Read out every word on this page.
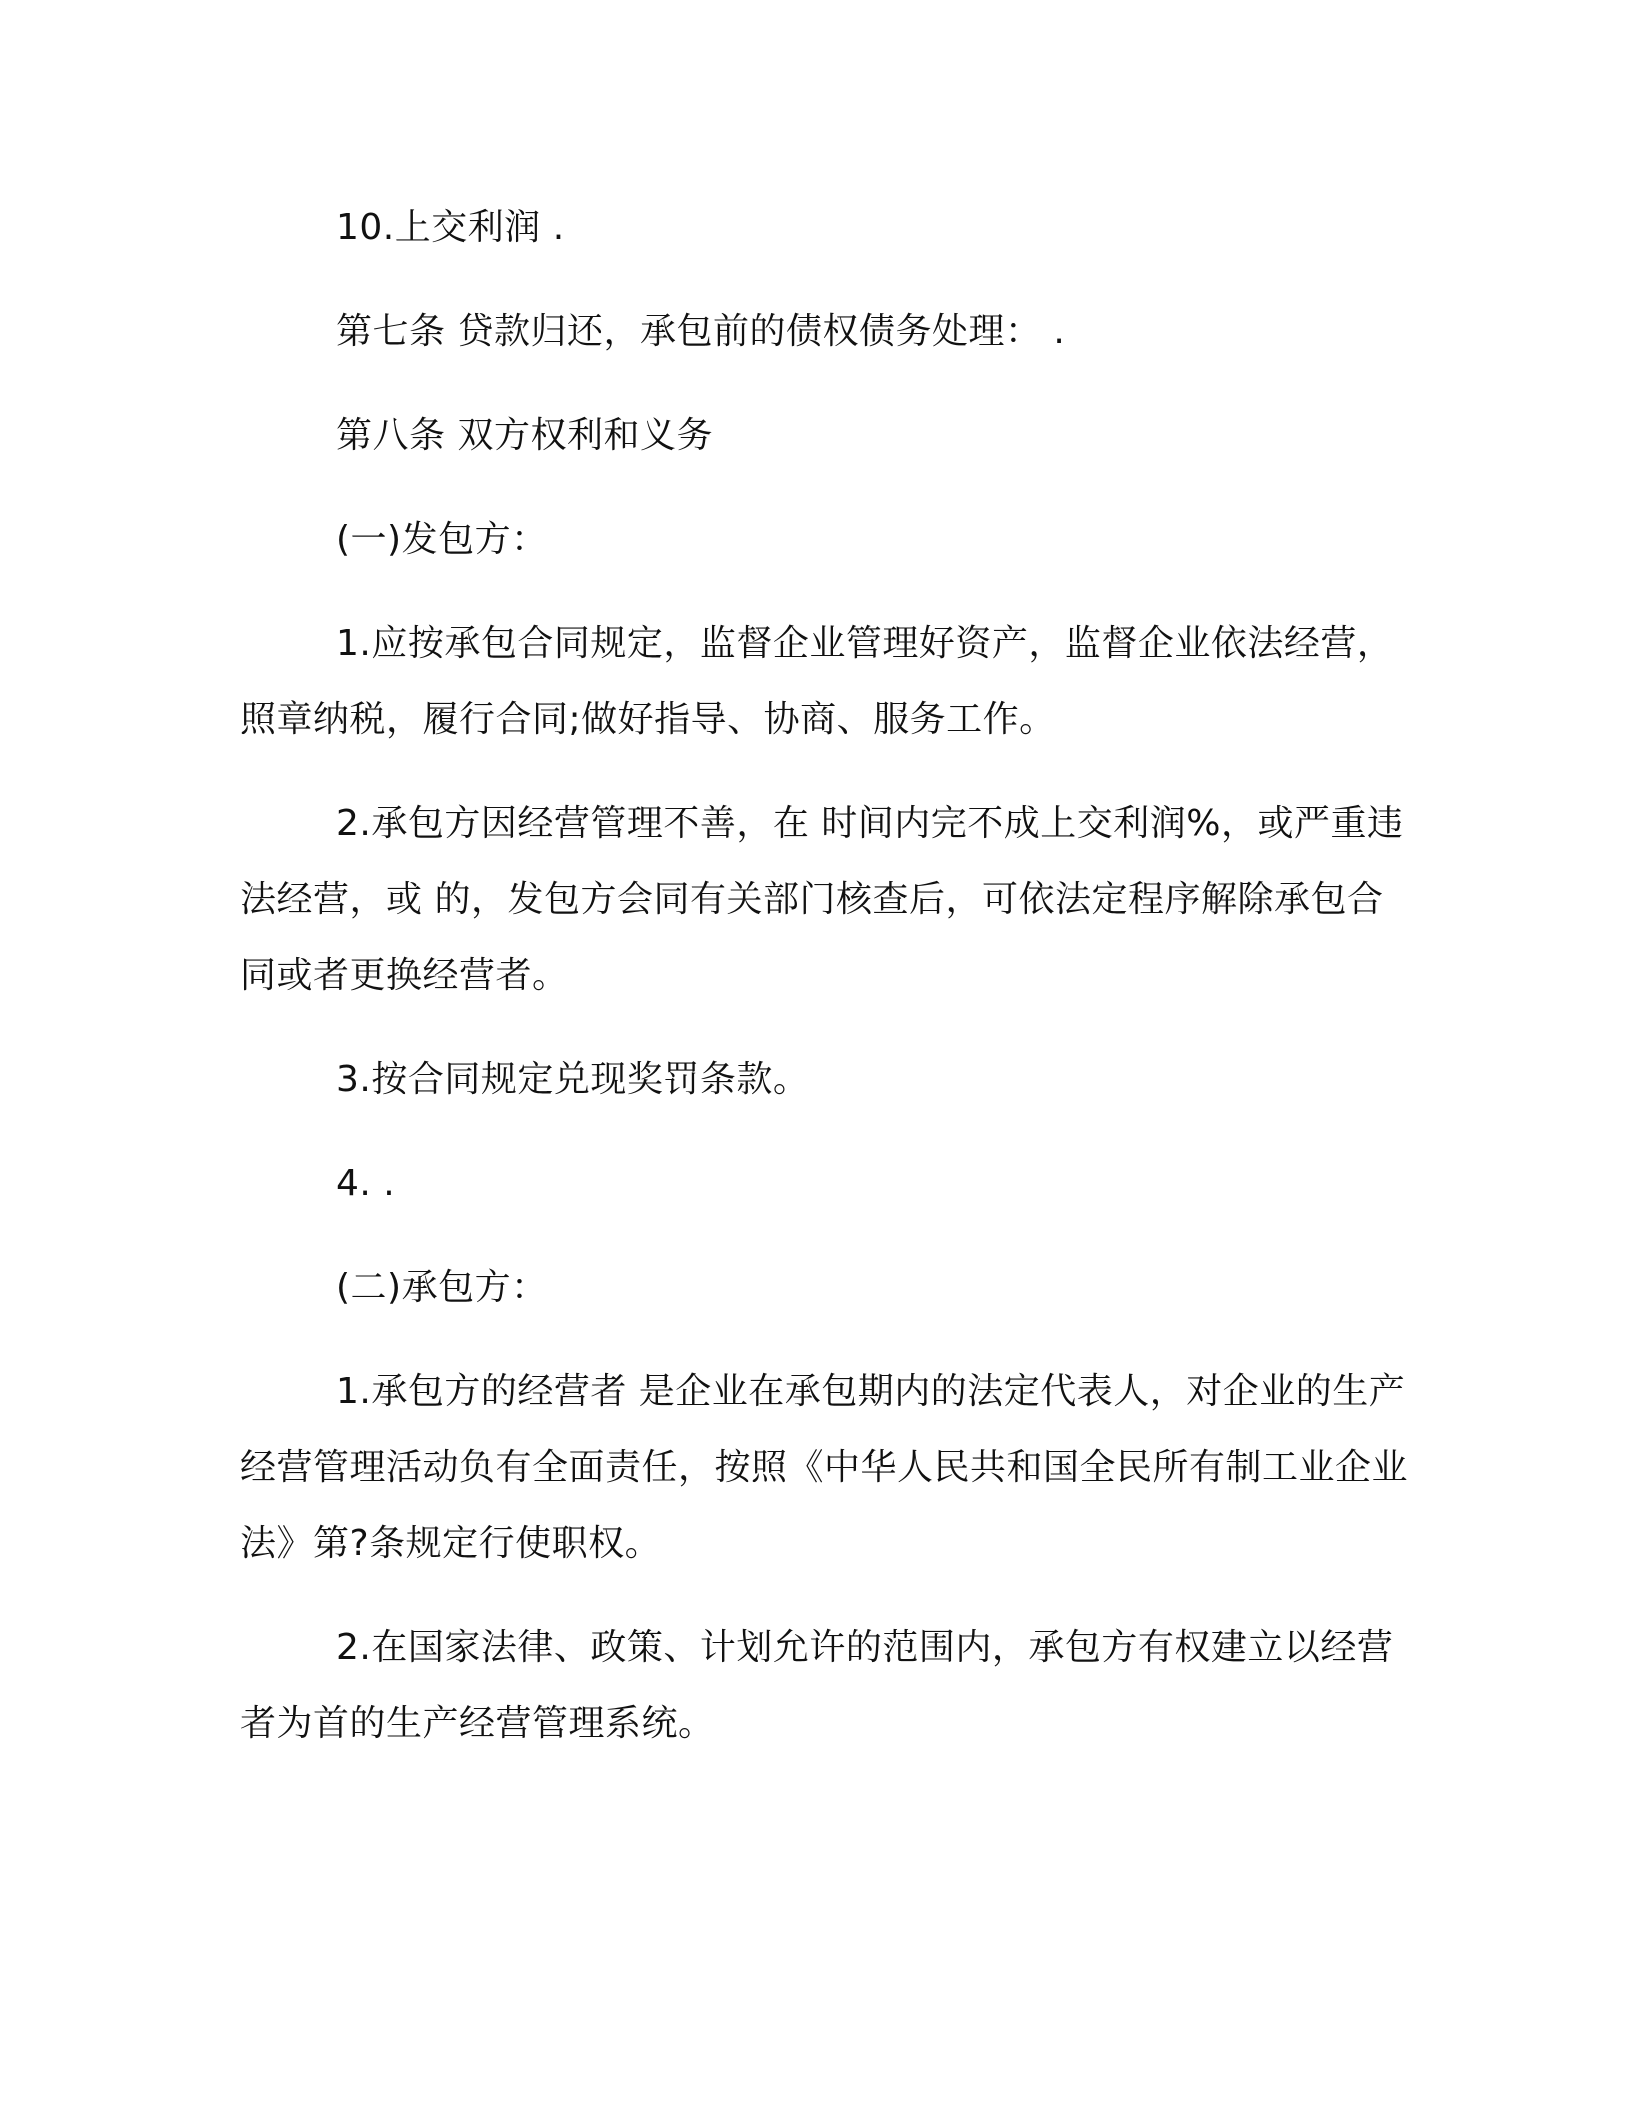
10.上交利润 .

第七条 贷款归还，承包前的债权债务处理： .

第八条 双方权利和义务

(一)发包方：

1.应按承包合同规定，监督企业管理好资产，监督企业依法经营，照章纳税，履行合同;做好指导、协商、服务工作。

2.承包方因经营管理不善，在 时间内完不成上交利润%，或严重违法经营，或 的，发包方会同有关部门核查后，可依法定程序解除承包合同或者更换经营者。

3.按合同规定兑现奖罚条款。

4. .

(二)承包方：

1.承包方的经营者 是企业在承包期内的法定代表人，对企业的生产经营管理活动负有全面责任，按照《中华人民共和国全民所有制工业企业法》第?条规定行使职权。

2.在国家法律、政策、计划允许的范围内，承包方有权建立以经营者为首的生产经营管理系统。
